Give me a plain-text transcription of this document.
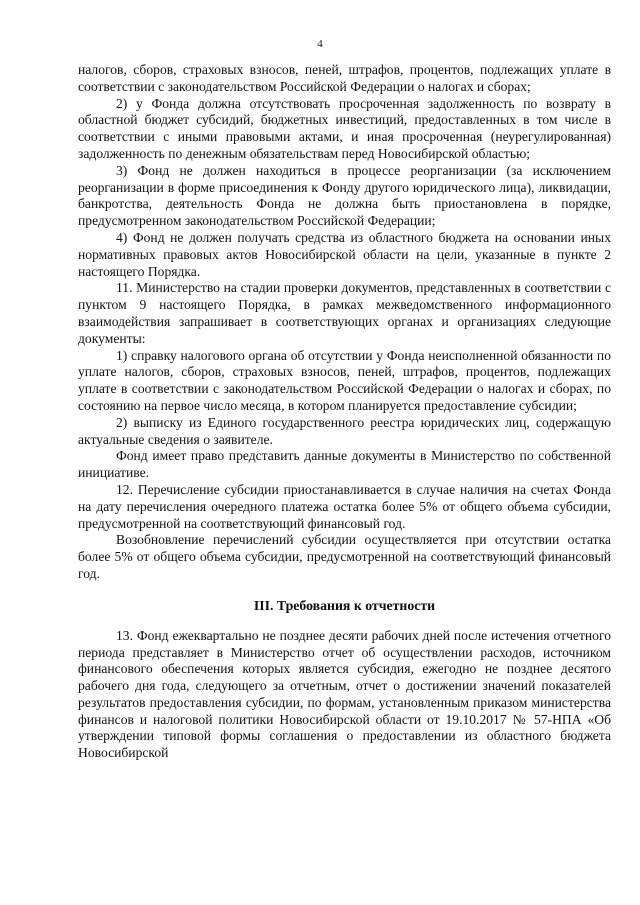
4

налогов, сборов, страховых взносов, пеней, штрафов, процентов, подлежащих уплате в соответствии с законодательством Российской Федерации о налогах и сборах;

2) у Фонда должна отсутствовать просроченная задолженность по возврату в областной бюджет субсидий, бюджетных инвестиций, предоставленных в том числе в соответствии с иными правовыми актами, и иная просроченная (неурегулированная) задолженность по денежным обязательствам перед Новосибирской областью;

3) Фонд не должен находиться в процессе реорганизации (за исключением реорганизации в форме присоединения к Фонду другого юридического лица), ликвидации, банкротства, деятельность Фонда не должна быть приостановлена в порядке, предусмотренном законодательством Российской Федерации;

4) Фонд не должен получать средства из областного бюджета на основании иных нормативных правовых актов Новосибирской области на цели, указанные в пункте 2 настоящего Порядка.

11. Министерство на стадии проверки документов, представленных в соответствии с пунктом 9 настоящего Порядка, в рамках межведомственного информационного взаимодействия запрашивает в соответствующих органах и организациях следующие документы:

1) справку налогового органа об отсутствии у Фонда неисполненной обязанности по уплате налогов, сборов, страховых взносов, пеней, штрафов, процентов, подлежащих уплате в соответствии с законодательством Российской Федерации о налогах и сборах, по состоянию на первое число месяца, в котором планируется предоставление субсидии;

2) выписку из Единого государственного реестра юридических лиц, содержащую актуальные сведения о заявителе.

Фонд имеет право представить данные документы в Министерство по собственной инициативе.

12. Перечисление субсидии приостанавливается в случае наличия на счетах Фонда на дату перечисления очередного платежа остатка более 5% от общего объема субсидии, предусмотренной на соответствующий финансовый год.

Возобновление перечислений субсидии осуществляется при отсутствии остатка более 5% от общего объема субсидии, предусмотренной на соответствующий финансовый год.

III. Требования к отчетности

13. Фонд ежеквартально не позднее десяти рабочих дней после истечения отчетного периода представляет в Министерство отчет об осуществлении расходов, источником финансового обеспечения которых является субсидия, ежегодно не позднее десятого рабочего дня года, следующего за отчетным, отчет о достижении значений показателей результатов предоставления субсидии, по формам, установленным приказом министерства финансов и налоговой политики Новосибирской области от 19.10.2017 № 57-НПА «Об утверждении типовой формы соглашения о предоставлении из областного бюджета Новосибирской
